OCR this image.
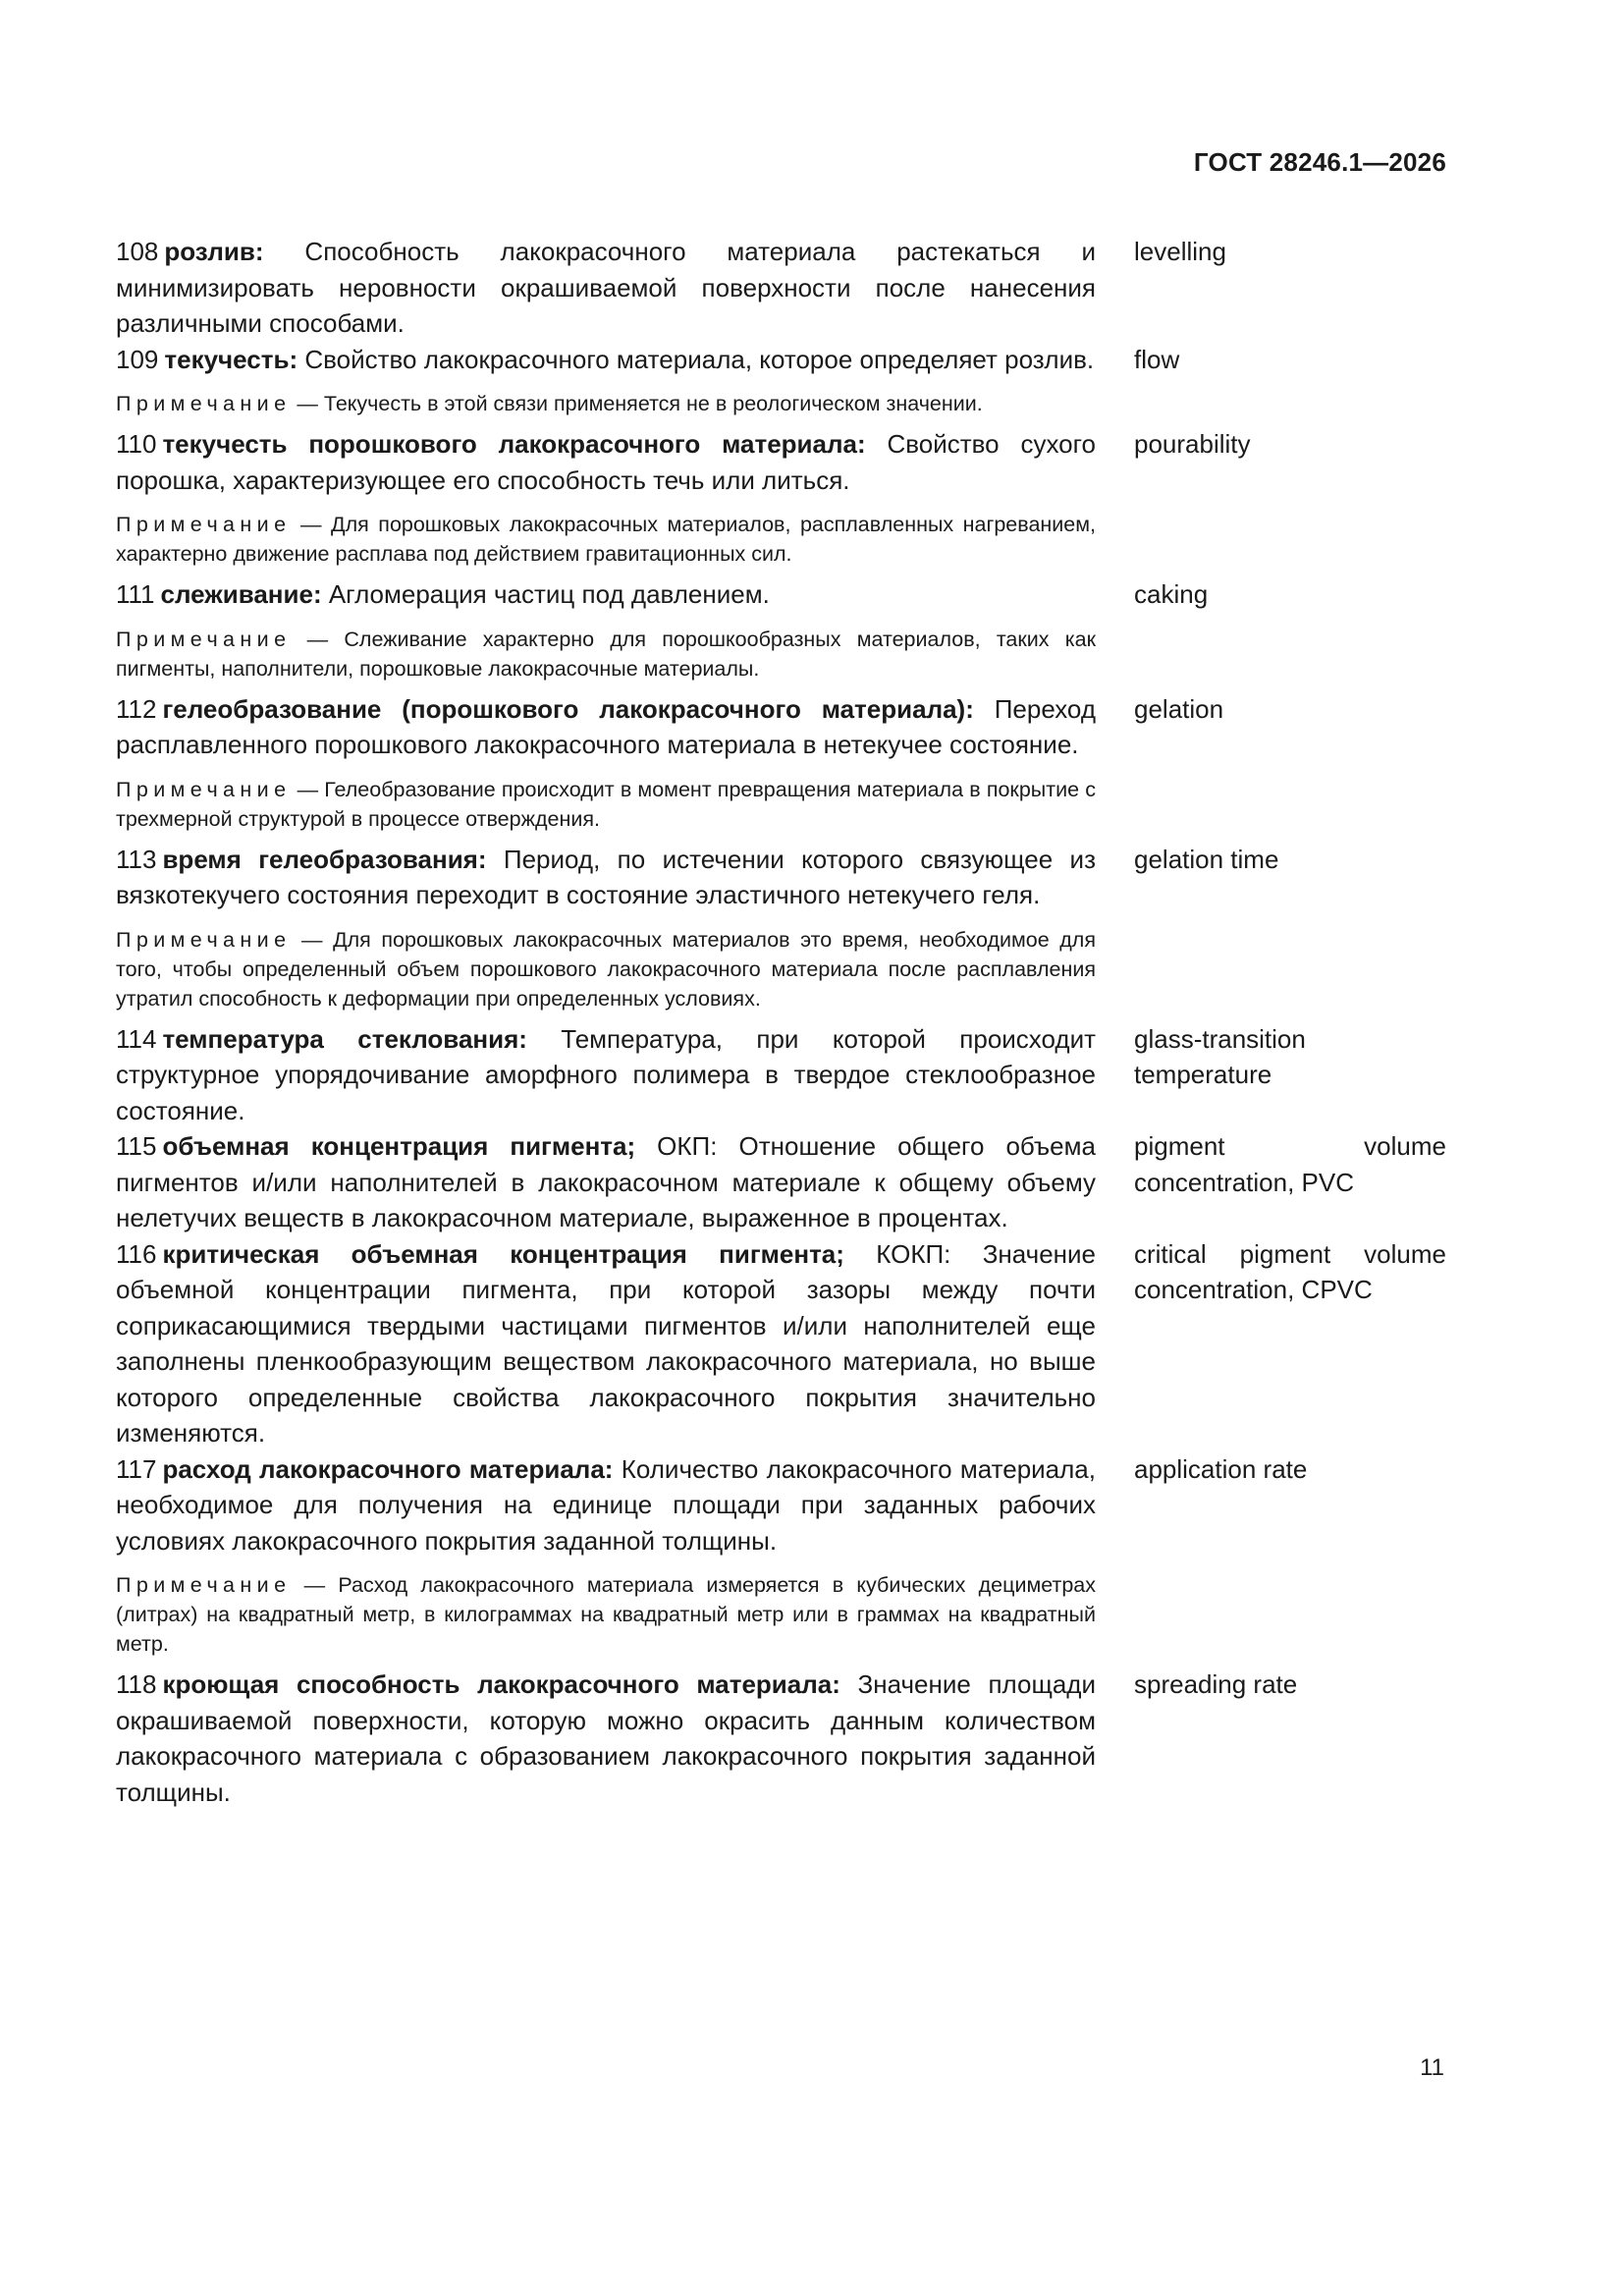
ГОСТ 28246.1—2026
108 розлив: Способность лакокрасочного материала растекаться и минимизировать неровности окрашиваемой поверхности после нанесения различными способами.
levelling
109 текучесть: Свойство лакокрасочного материала, которое определяет розлив. flow
Примечание — Текучесть в этой связи применяется не в реологическом значении.
110 текучесть порошкового лакокрасочного материала: Свойство сухого порошка, характеризующее его способность течь или литься.
pourability
Примечание — Для порошковых лакокрасочных материалов, расплавленных нагреванием, характерно движение расплава под действием гравитационных сил.
111 слеживание: Агломерация частиц под давлением.	caking
Примечание — Слеживание характерно для порошкообразных материалов, таких как пигменты, наполнители, порошковые лакокрасочные материалы.
112 гелеобразование (порошкового лакокрасочного материала): Переход расплавленного порошкового лакокрасочного материала в нетекучее состояние.
gelation
Примечание — Гелеобразование происходит в момент превращения материала в покрытие с трехмерной структурой в процессе отверждения.
113 время гелеобразования: Период, по истечении которого связующее из вязкотекучего состояния переходит в состояние эластичного нетекучего геля.
gelation time
Примечание — Для порошковых лакокрасочных материалов это время, необходимое для того, чтобы определенный объем порошкового лакокрасочного материала после расплавления утратил способность к деформации при определенных условиях.
114 температура стеклования: Температура, при которой происходит структурное упорядочивание аморфного полимера в твердое стеклообразное состояние.
glass-transition temperature
115 объемная концентрация пигмента; ОКП: Отношение общего объема пигментов и/или наполнителей в лакокрасочном материале к общему объему нелетучих веществ в лакокрасочном материале, выраженное в процентах.
pigment volume concentration, PVC
116 критическая объемная концентрация пигмента; КОКП: Значение объемной концентрации пигмента, при которой зазоры между почти соприкасающимися твердыми частицами пигментов и/или наполнителей еще заполнены пленкообразующим веществом лакокрасочного материала, но выше которого определенные свойства лакокрасочного покрытия значительно изменяются.
critical pigment volume concentration, CPVC
117 расход лакокрасочного материала: Количество лакокрасочного материала, необходимое для получения на единице площади при заданных рабочих условиях лакокрасочного покрытия заданной толщины.
application rate
Примечание — Расход лакокрасочного материала измеряется в кубических дециметрах (литрах) на квадратный метр, в килограммах на квадратный метр или в граммах на квадратный метр.
118 кроющая способность лакокрасочного материала: Значение площади окрашиваемой поверхности, которую можно окрасить данным количеством лакокрасочного материала с образованием лакокрасочного покрытия заданной толщины.
spreading rate
11
